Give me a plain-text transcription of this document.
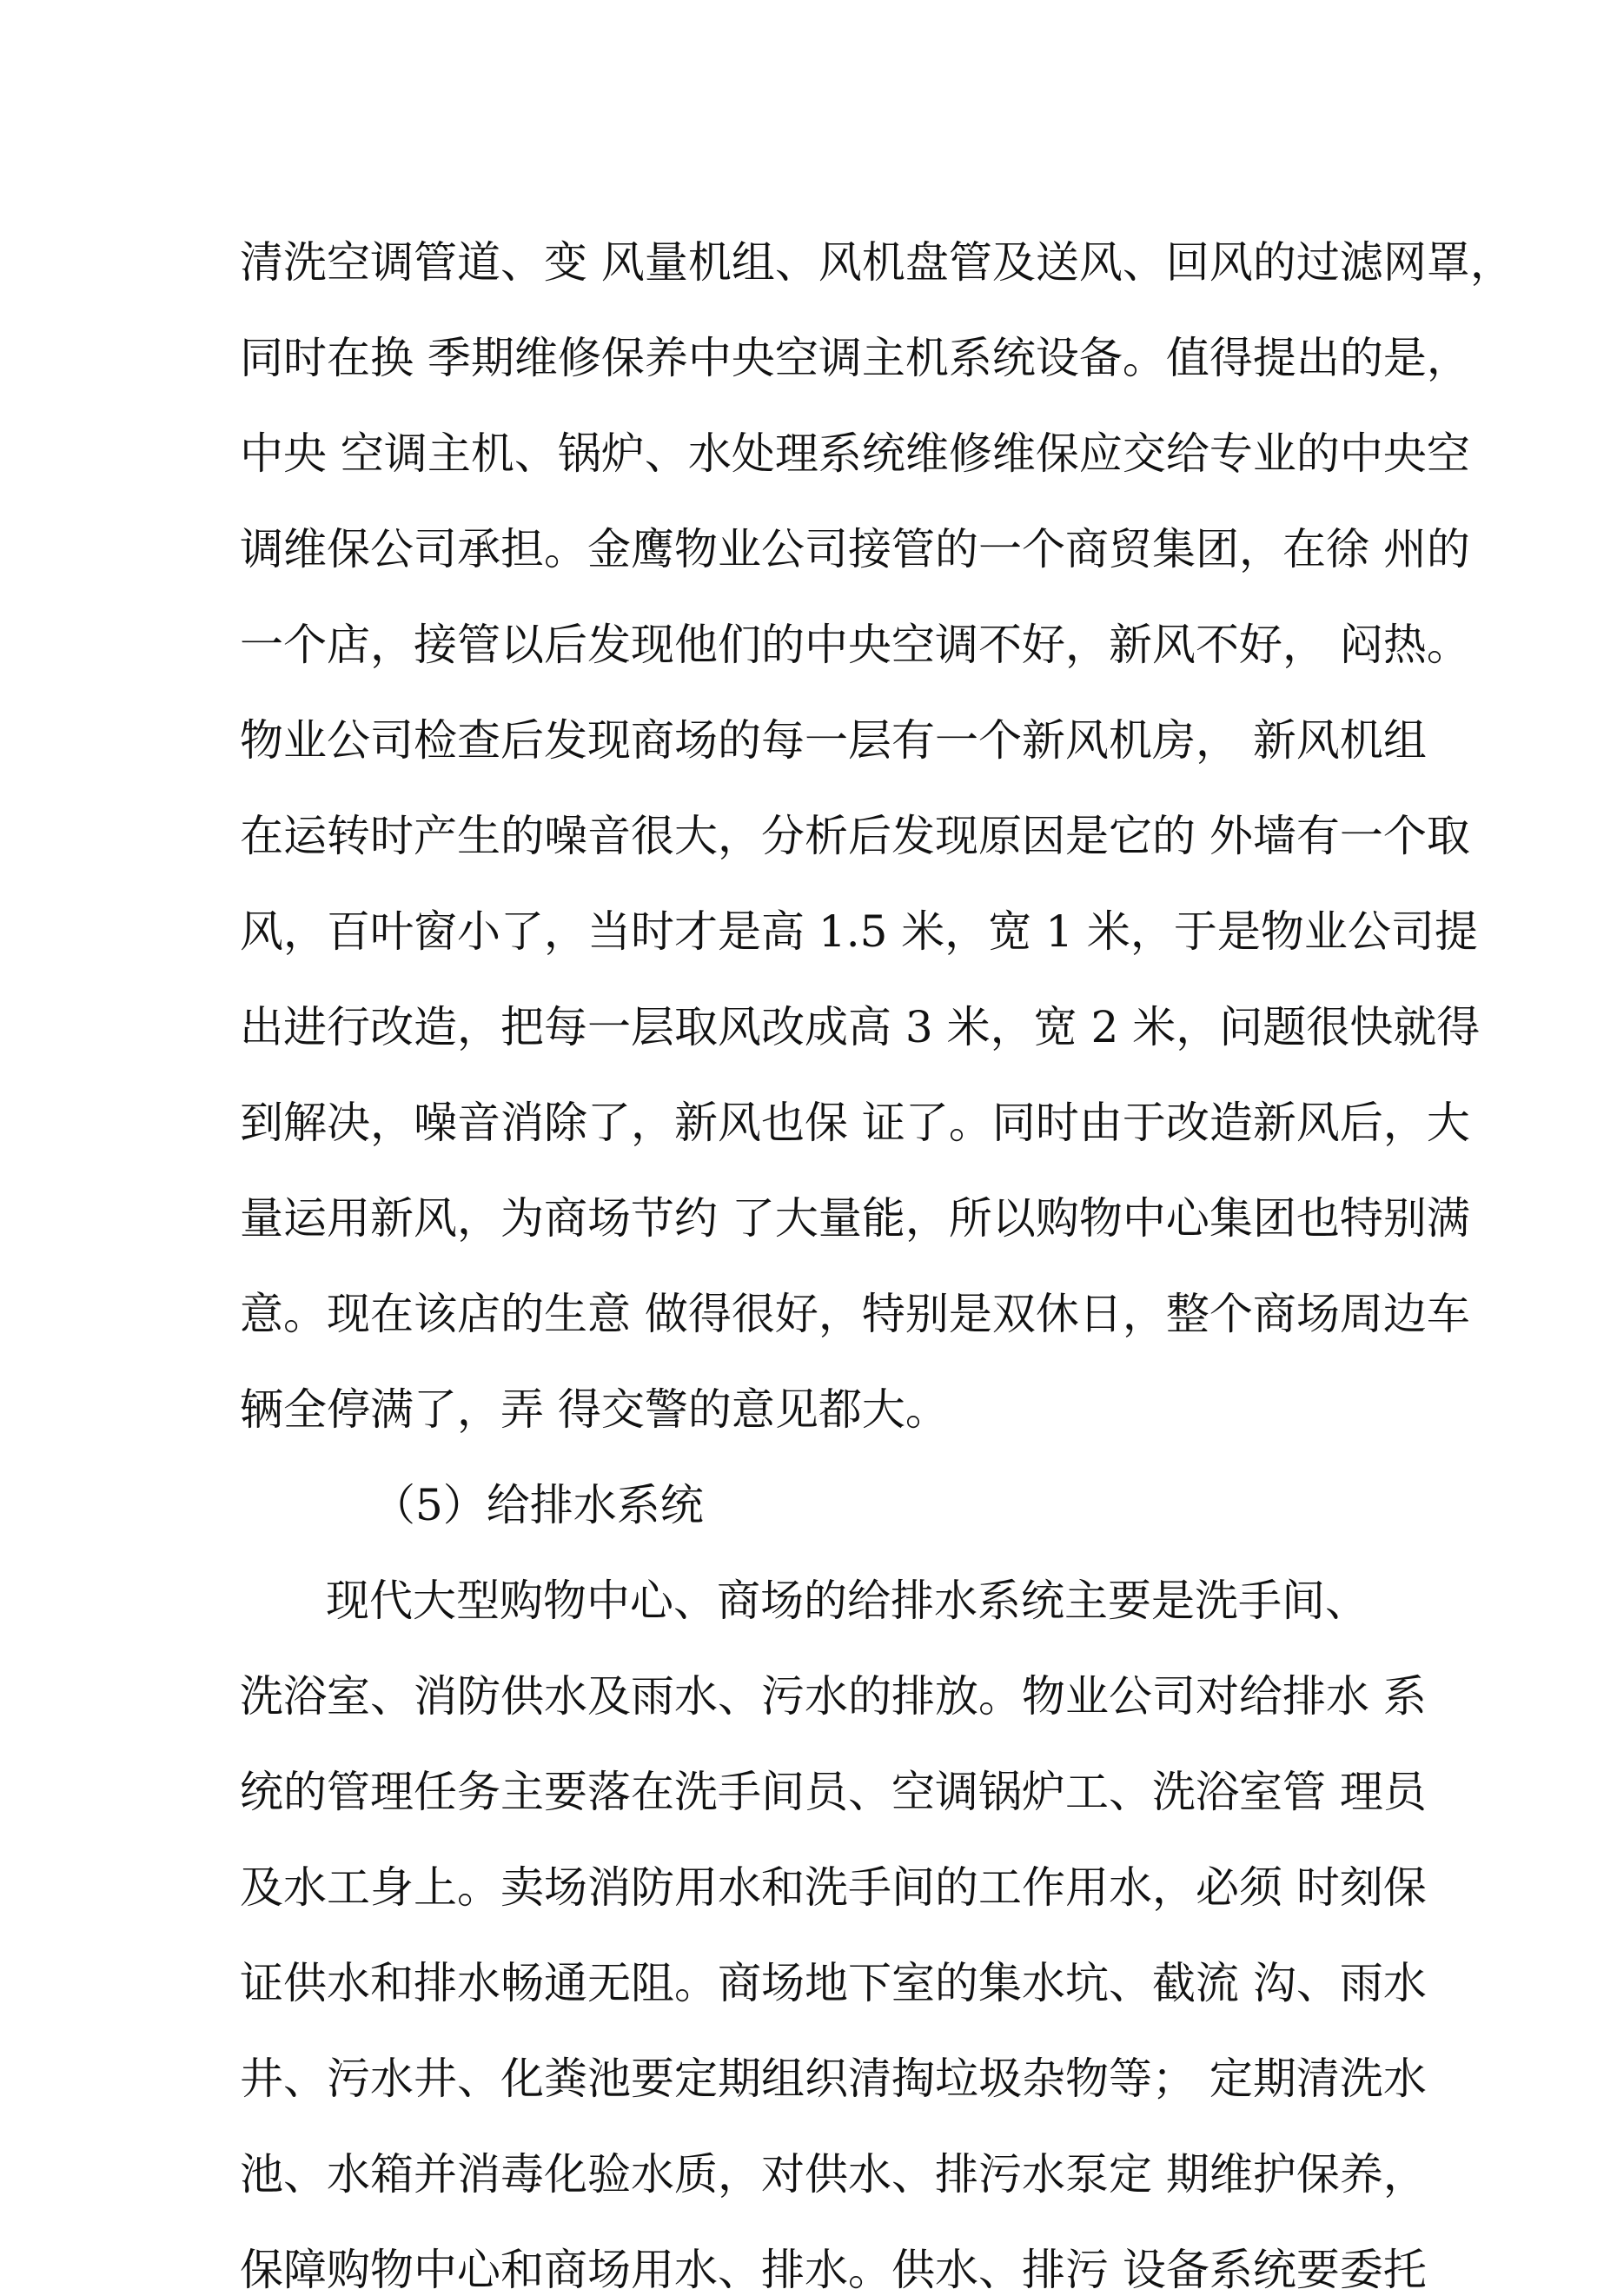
清洗空调管道、变 风量机组、风机盘管及送风、回风的过滤网罩，
同时在换 季期维修保养中央空调主机系统设备。值得提出的是，
中央 空调主机、锅炉、水处理系统维修维保应交给专业的中央空
调维保公司承担。金鹰物业公司接管的一个商贸集团，在徐 州的
一个店，接管以后发现他们的中央空调不好，新风不好， 闷热。
物业公司检查后发现商场的每一层有一个新风机房， 新风机组
在运转时产生的噪音很大，分析后发现原因是它的 外墙有一个取
风，百叶窗小了，当时才是高 1.5 米，宽 1 米，于是物业公司提
出进行改造，把每一层取风改成高 3 米，宽 2 米，问题很快就得
到解决，噪音消除了，新风也保 证了。同时由于改造新风后，大
量运用新风，为商场节约 了大量能，所以购物中心集团也特别满
意。现在该店的生意 做得很好，特别是双休日，整个商场周边车
辆全停满了，弄 得交警的意见都大。
（5）给排水系统
现代大型购物中心、商场的给排水系统主要是洗手间、
洗浴室、消防供水及雨水、污水的排放。物业公司对给排水 系
统的管理任务主要落在洗手间员、空调锅炉工、洗浴室管 理员
及水工身上。卖场消防用水和洗手间的工作用水，必须 时刻保
证供水和排水畅通无阻。商场地下室的集水坑、截流 沟、雨水
井、污水井、化粪池要定期组织清掏垃圾杂物等； 定期清洗水
池、水箱并消毒化验水质，对供水、排污水泵定 期维护保养，
保障购物中心和商场用水、排水。供水、排污 设备系统要委托
